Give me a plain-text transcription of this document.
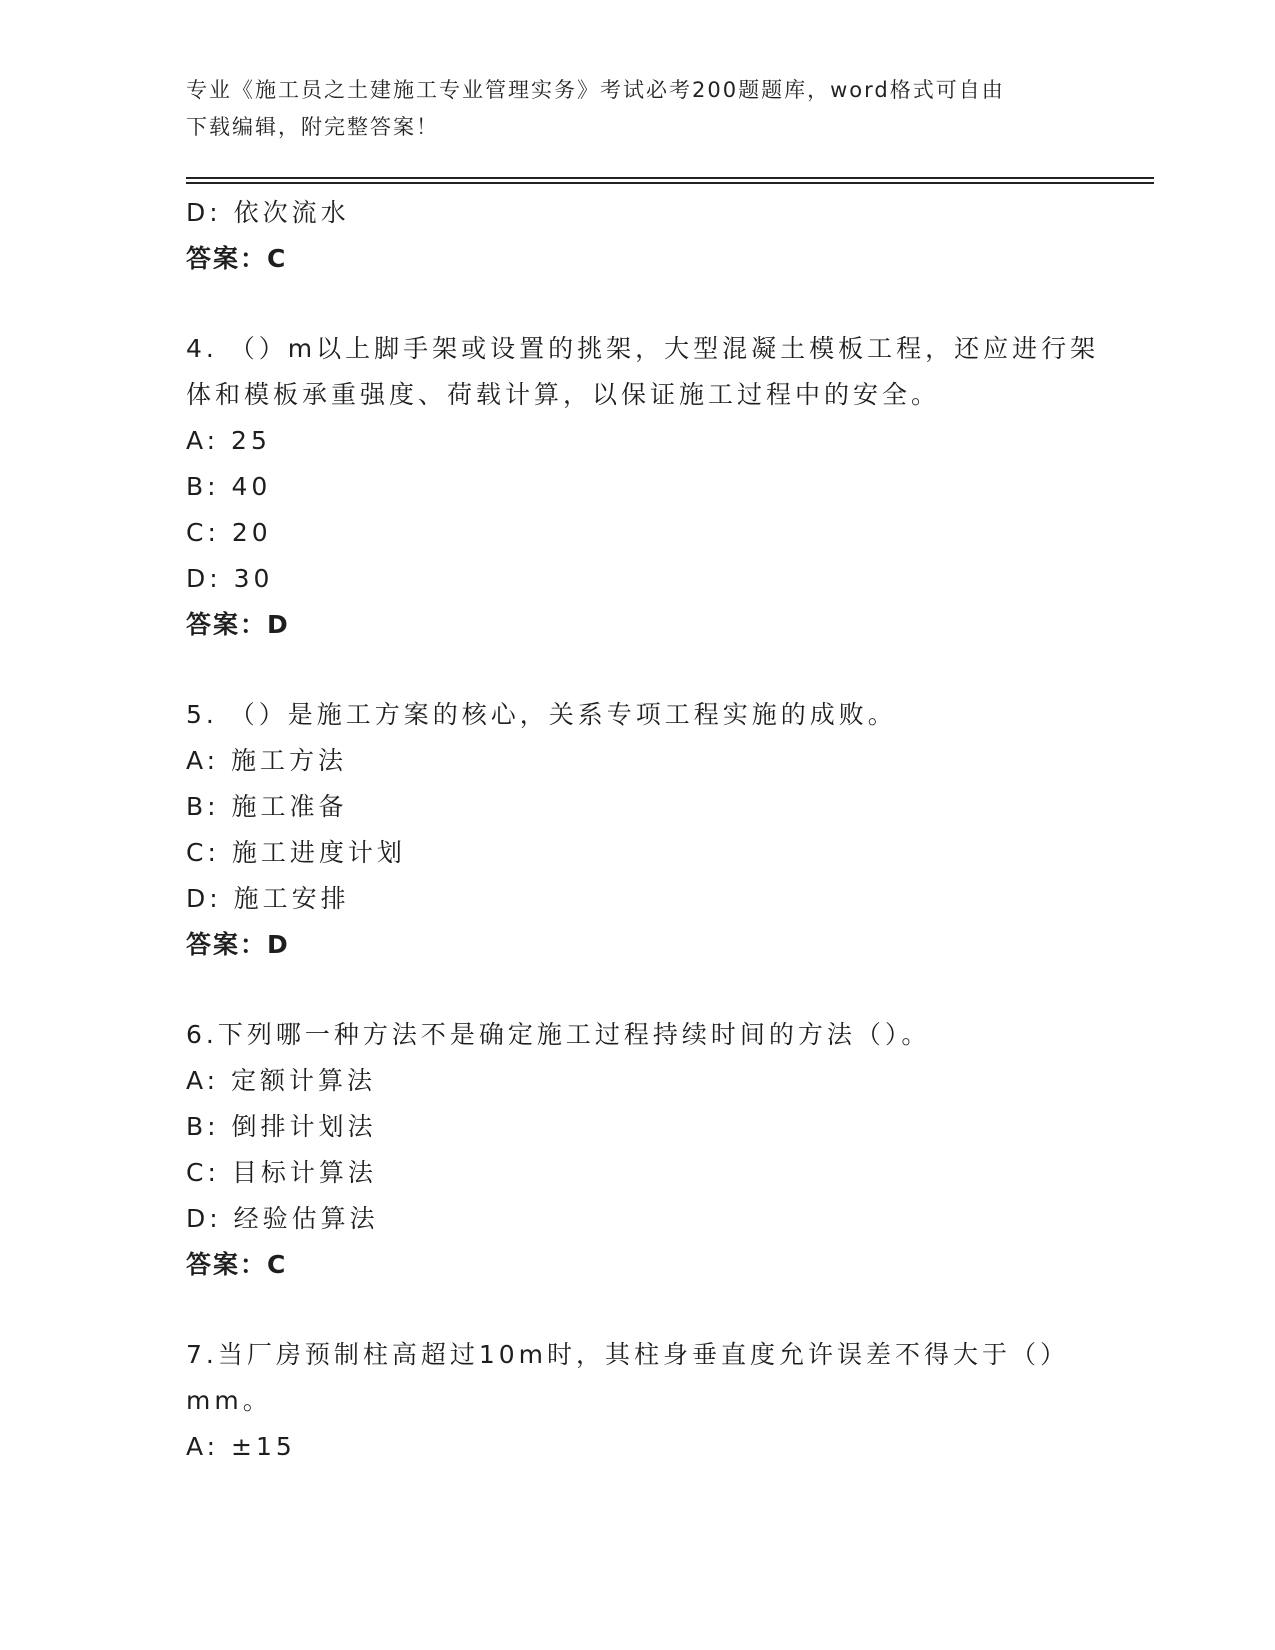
专业《施工员之土建施工专业管理实务》考试必考200题题库，word格式可自由
下载编辑，附完整答案！
D: 依次流水
答案：C
4. （）m以上脚手架或设置的挑架，大型混凝土模板工程，还应进行架
体和模板承重强度、荷载计算，以保证施工过程中的安全。
A: 25
B: 40
C: 20
D: 30
答案：D
5. （）是施工方案的核心，关系专项工程实施的成败。
A: 施工方法
B: 施工准备
C: 施工进度计划
D: 施工安排
答案：D
6.下列哪一种方法不是确定施工过程持续时间的方法（）。
A: 定额计算法
B: 倒排计划法
C: 目标计算法
D: 经验估算法
答案：C
7.当厂房预制柱高超过10m时，其柱身垂直度允许误差不得大于（）
mm。
A: ±15
